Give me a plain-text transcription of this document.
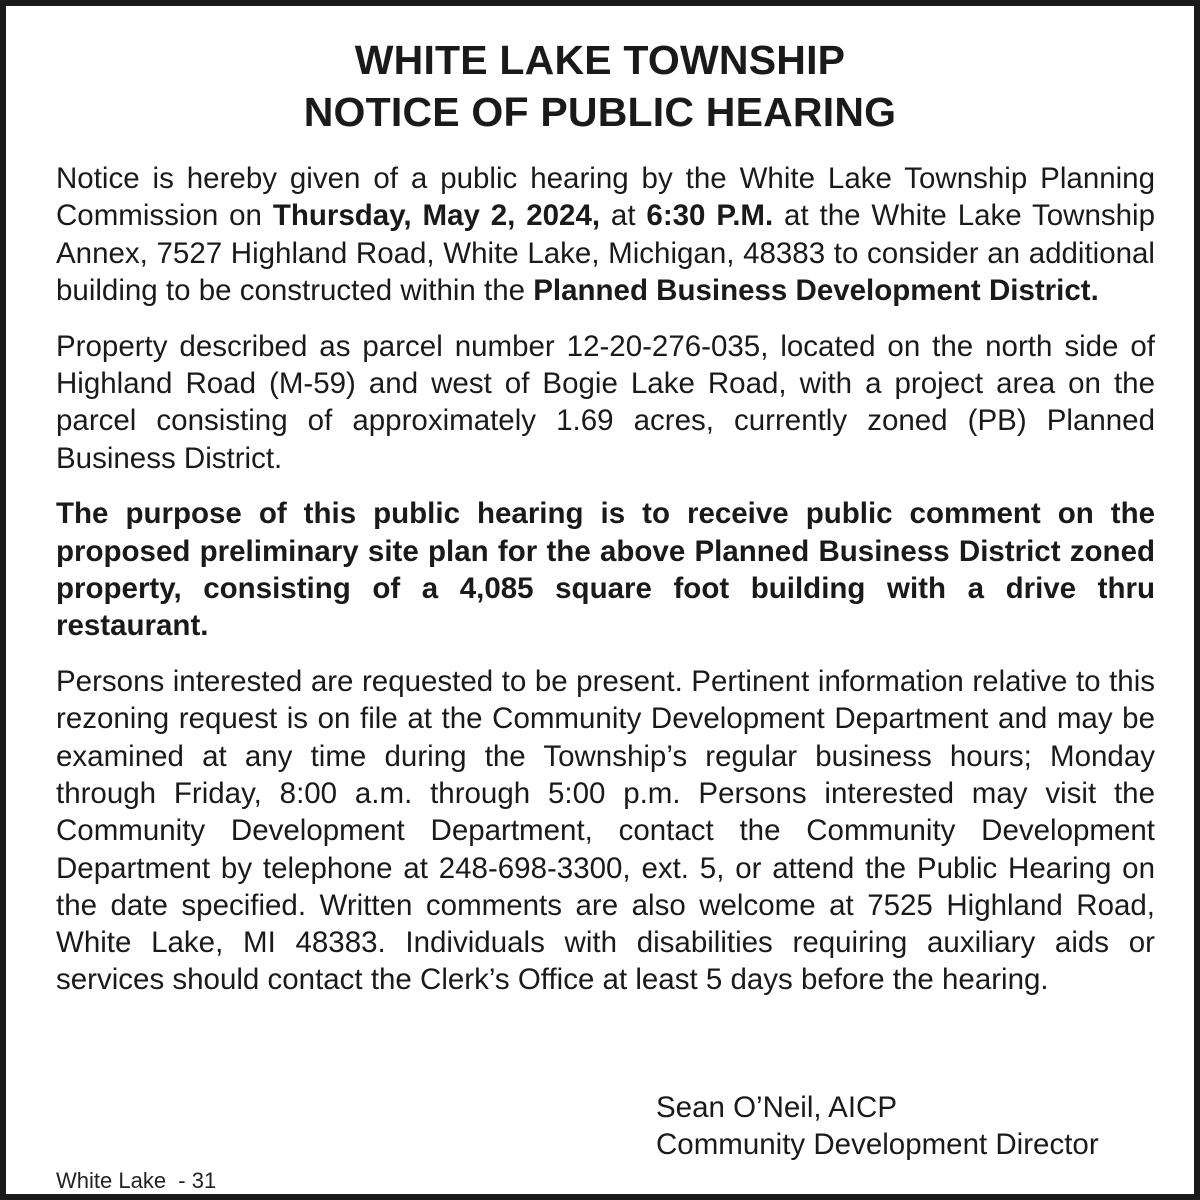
WHITE LAKE TOWNSHIP
NOTICE OF PUBLIC HEARING

Notice is hereby given of a public hearing by the White Lake Township Planning Commission on Thursday, May 2, 2024, at 6:30 P.M. at the White Lake Township Annex, 7527 Highland Road, White Lake, Michigan, 48383 to consider an additional building to be constructed within the Planned Business Development District.

Property described as parcel number 12-20-276-035, located on the north side of Highland Road (M-59) and west of Bogie Lake Road, with a project area on the parcel consisting of approximately 1.69 acres, currently zoned (PB) Planned Business District.

The purpose of this public hearing is to receive public comment on the proposed preliminary site plan for the above Planned Business District zoned property, consisting of a 4,085 square foot building with a drive thru restaurant.

Persons interested are requested to be present. Pertinent information relative to this rezoning request is on file at the Community Development Department and may be examined at any time during the Township’s regular business hours; Monday through Friday, 8:00 a.m. through 5:00 p.m. Persons interested may visit the Community Development Department, contact the Community Development Department by telephone at 248-698-3300, ext. 5, or attend the Public Hearing on the date specified. Written comments are also welcome at 7525 Highland Road, White Lake, MI 48383. Individuals with disabilities requiring auxiliary aids or services should contact the Clerk’s Office at least 5 days before the hearing.

Sean O’Neil, AICP
Community Development Director
White Lake  - 31
